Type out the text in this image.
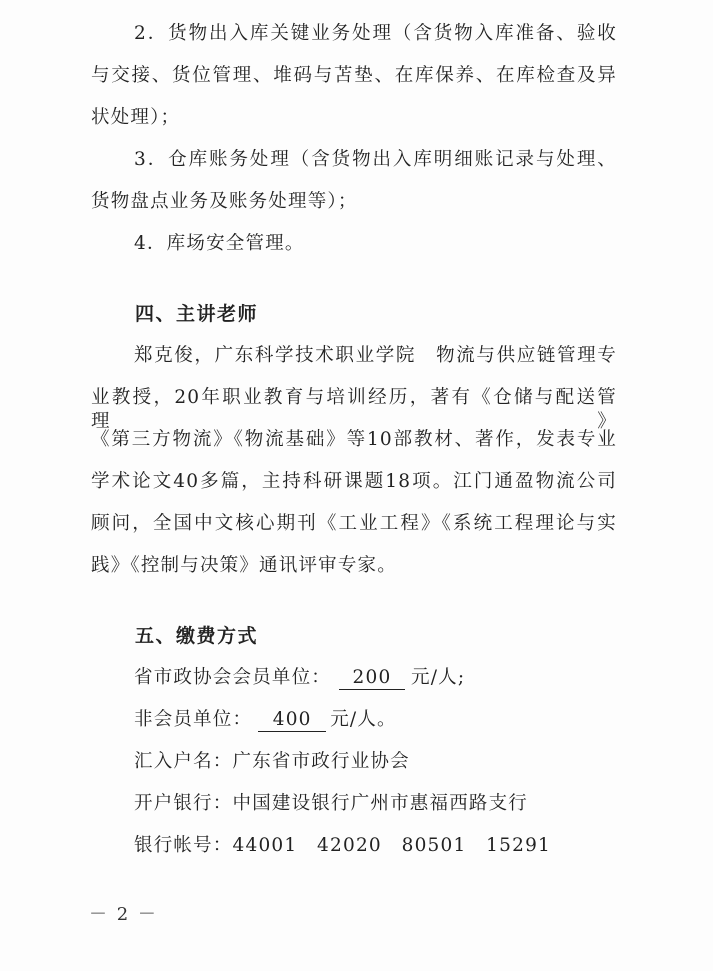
2．货物出入库关键业务处理（含货物入库准备、验收
与交接、货位管理、堆码与苫垫、在库保养、在库检查及异
状处理）；
3．仓库账务处理（含货物出入库明细账记录与处理、
货物盘点业务及账务处理等）；
4．库场安全管理。
四、主讲老师
郑克俊，广东科学技术职业学院　物流与供应链管理专
业教授，20年职业教育与培训经历，著有《仓储与配送管理》
《第三方物流》《物流基础》等10部教材、著作，发表专业
学术论文40多篇，主持科研课题18项。江门通盈物流公司
顾问，全国中文核心期刊《工业工程》《系统工程理论与实
践》《控制与决策》通讯评审专家。
五、缴费方式
省市政协会会员单位： 200 元/人;
非会员单位： 400 元/人。
汇入户名：广东省市政行业协会
开户银行：中国建设银行广州市惠福西路支行
银行帐号：44001　42020　80501　15291
－ 2 －
